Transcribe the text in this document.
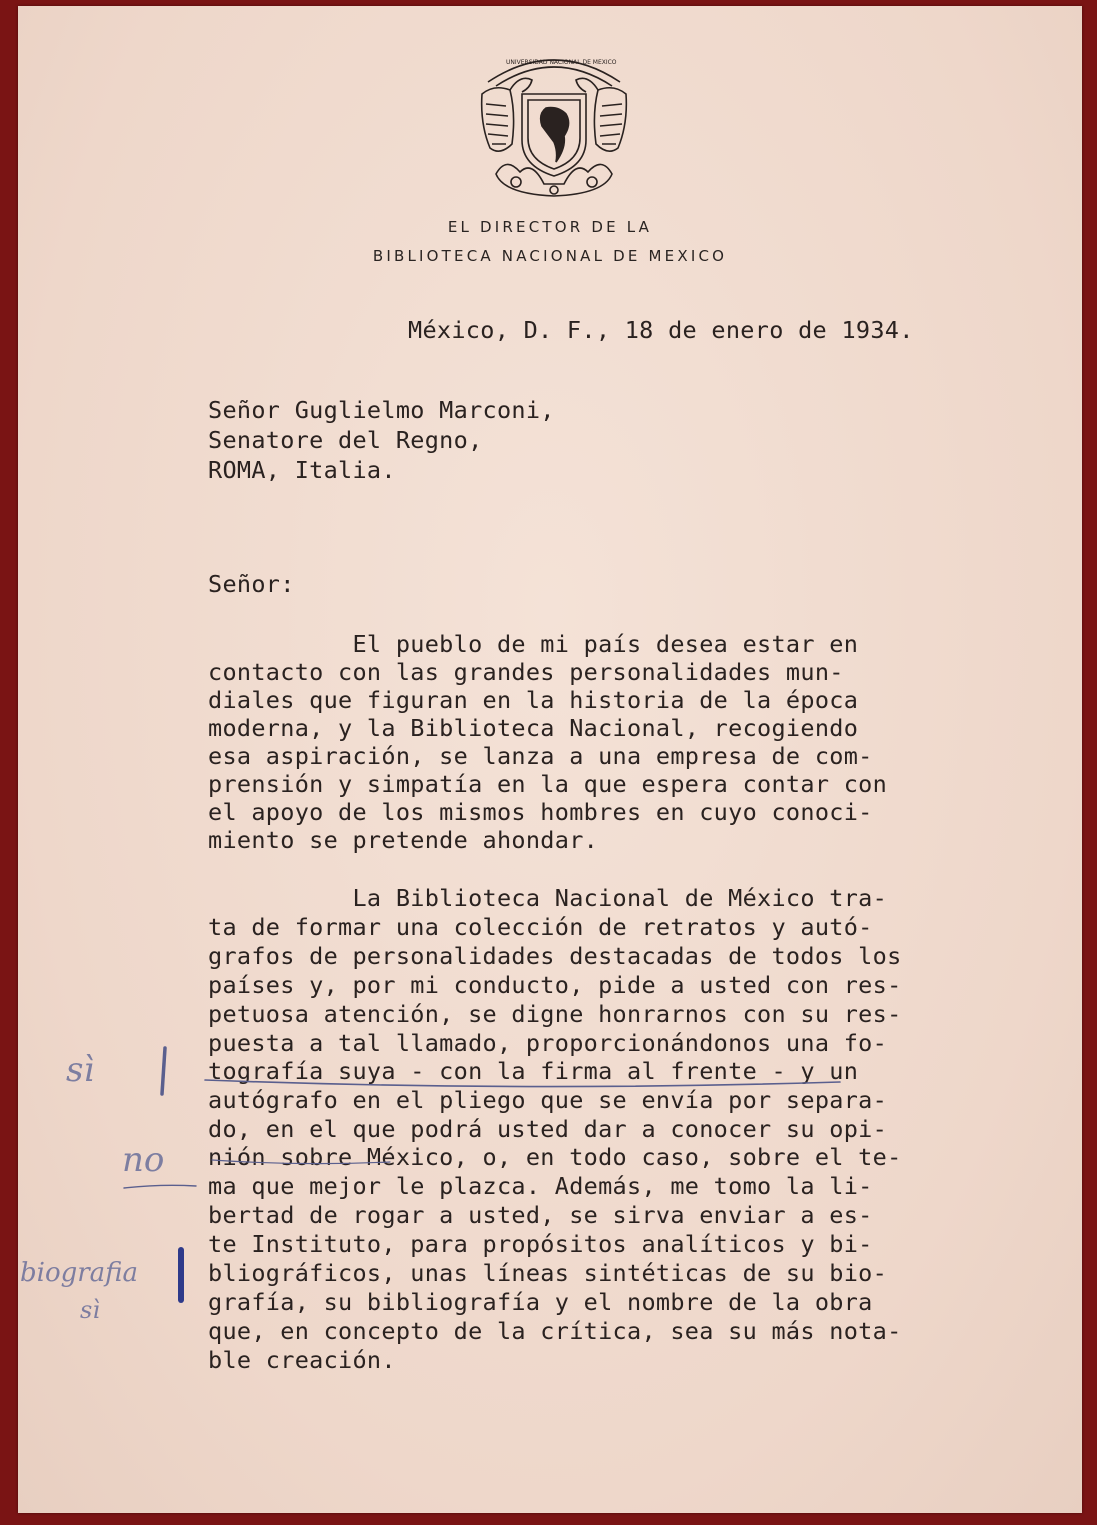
UNIVERSIDAD NACIONAL DE MEXICO

EL DIRECTOR DE LA

BIBLIOTECA NACIONAL DE MEXICO

México, D. F., 18 de enero de 1934.

Señor Guglielmo Marconi,

Senatore del Regno,

ROMA, Italia.

Señor:

El pueblo de mi país desea estar en

contacto con las grandes personalidades mun-

diales que figuran en la historia de la época

moderna, y la Biblioteca Nacional, recogiendo

esa aspiración, se lanza a una empresa de com-

prensión y simpatía en la que espera contar con

el apoyo de los mismos hombres en cuyo conoci-

miento se pretende ahondar.

La Biblioteca Nacional de México tra-

ta de formar una colección de retratos y autó-

grafos de personalidades destacadas de todos los

países y, por mi conducto, pide a usted con res-

petuosa atención, se digne honrarnos con su res-

puesta a tal llamado, proporcionándonos una fo-

tografía suya - con la firma al frente - y un

autógrafo en el pliego que se envía por separa-

do, en el que podrá usted dar a conocer su opi-

nión sobre México, o, en todo caso, sobre el te-

ma que mejor le plazca. Además, me tomo la li-

bertad de rogar a usted, se sirva enviar a es-

te Instituto, para propósitos analíticos y bi-

bliográficos, unas líneas sintéticas de su bio-

grafía, su bibliografía y el nombre de la obra

que, en concepto de la crítica, sea su más nota-

ble creación.

sì

no

biografia

sì
